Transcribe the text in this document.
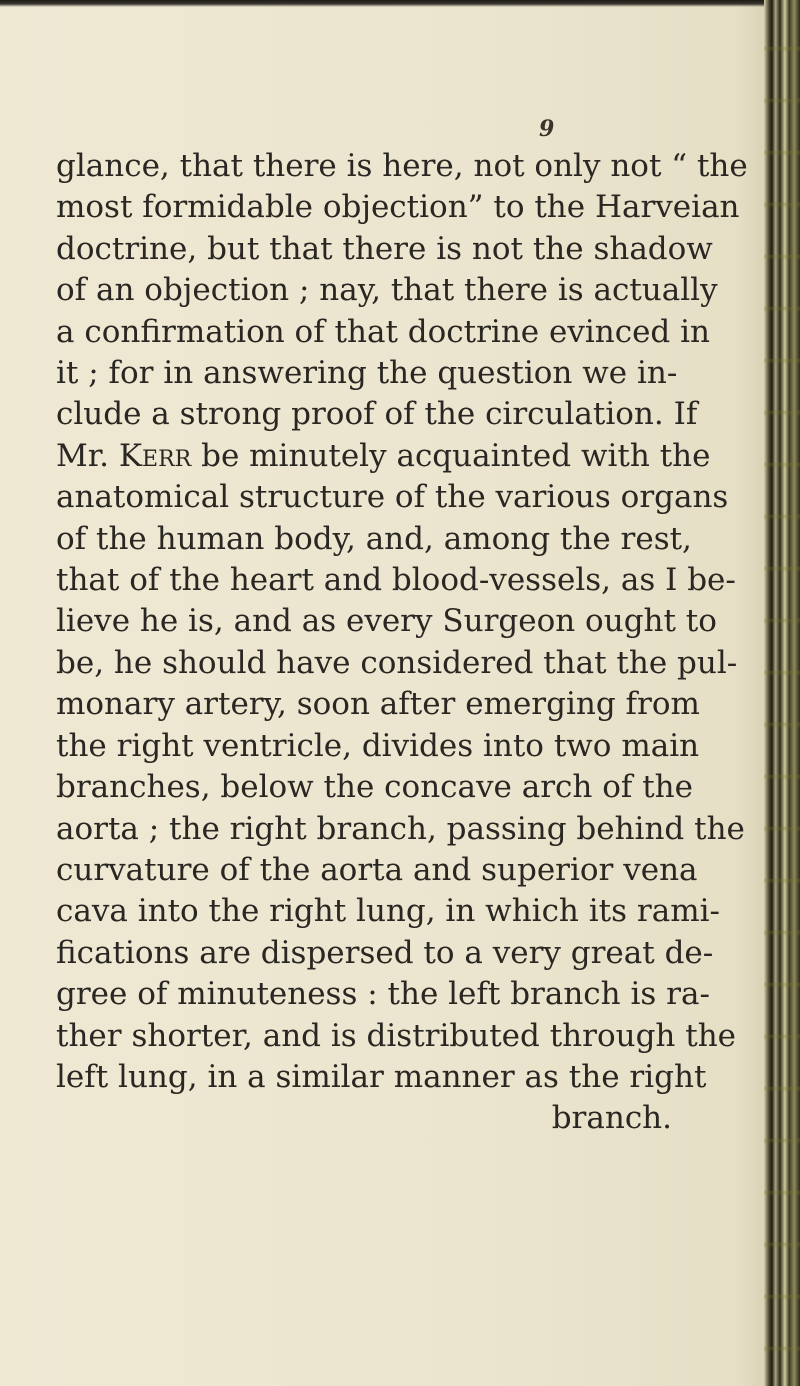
9
glance, that there is here, not only not “ the
most formidable objection” to the Harveian
doctrine, but that there is not the shadow
of an objection ; nay, that there is actually
a confirmation of that doctrine evinced in
it ; for in answering the question we in-
clude a strong proof of the circulation. If
Mr. Kerr be minutely acquainted with the
anatomical structure of the various organs
of the human body, and, among the rest,
that of the heart and blood-vessels, as I be-
lieve he is, and as every Surgeon ought to
be, he should have considered that the pul-
monary artery, soon after emerging from
the right ventricle, divides into two main
branches, below the concave arch of the
aorta ; the right branch, passing behind the
curvature of the aorta and superior vena
cava into the right lung, in which its rami-
fications are dispersed to a very great de-
gree of minuteness : the left branch is ra-
ther shorter, and is distributed through the
left lung, in a similar manner as the right
branch.
